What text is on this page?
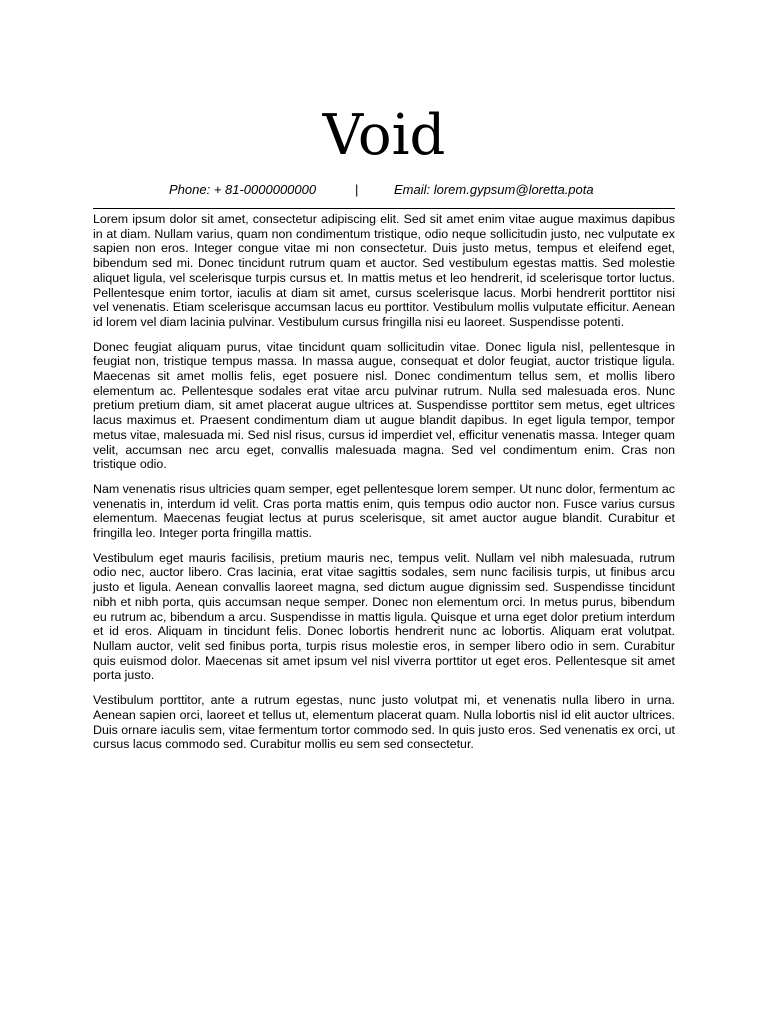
Void
Phone: + 81-0000000000	|	Email: lorem.gypsum@loretta.pota

Lorem ipsum dolor sit amet, consectetur adipiscing elit. Sed sit amet enim vitae augue maximus dapibus in at diam. Nullam varius, quam non condimentum tristique, odio neque sollicitudin justo, nec vulputate ex sapien non eros. Integer congue vitae mi non consectetur. Duis justo metus, tempus et eleifend eget, bibendum sed mi. Donec tincidunt rutrum quam et auctor. Sed vestibulum egestas mattis. Sed molestie aliquet ligula, vel scelerisque turpis cursus et. In mattis metus et leo hendrerit, id scelerisque tortor luctus. Pellentesque enim tortor, iaculis at diam sit amet, cursus scelerisque lacus. Morbi hendrerit porttitor nisi vel venenatis. Etiam scelerisque accumsan lacus eu porttitor. Vestibulum mollis vulputate efficitur. Aenean id lorem vel diam lacinia pulvinar. Vestibulum cursus fringilla nisi eu laoreet. Suspendisse potenti.

Donec feugiat aliquam purus, vitae tincidunt quam sollicitudin vitae. Donec ligula nisl, pellentesque in feugiat non, tristique tempus massa. In massa augue, consequat et dolor feugiat, auctor tristique ligula. Maecenas sit amet mollis felis, eget posuere nisl. Donec condimentum tellus sem, et mollis libero elementum ac. Pellentesque sodales erat vitae arcu pulvinar rutrum. Nulla sed malesuada eros. Nunc pretium pretium diam, sit amet placerat augue ultrices at. Suspendisse porttitor sem metus, eget ultrices lacus maximus et. Praesent condimentum diam ut augue blandit dapibus. In eget ligula tempor, tempor metus vitae, malesuada mi. Sed nisl risus, cursus id imperdiet vel, efficitur venenatis massa. Integer quam velit, accumsan nec arcu eget, convallis malesuada magna. Sed vel condimentum enim. Cras non tristique odio.

Nam venenatis risus ultricies quam semper, eget pellentesque lorem semper. Ut nunc dolor, fermentum ac venenatis in, interdum id velit. Cras porta mattis enim, quis tempus odio auctor non. Fusce varius cursus elementum. Maecenas feugiat lectus at purus scelerisque, sit amet auctor augue blandit. Curabitur et fringilla leo. Integer porta fringilla mattis.

Vestibulum eget mauris facilisis, pretium mauris nec, tempus velit. Nullam vel nibh malesuada, rutrum odio nec, auctor libero. Cras lacinia, erat vitae sagittis sodales, sem nunc facilisis turpis, ut finibus arcu justo et ligula. Aenean convallis laoreet magna, sed dictum augue dignissim sed. Suspendisse tincidunt nibh et nibh porta, quis accumsan neque semper. Donec non elementum orci. In metus purus, bibendum eu rutrum ac, bibendum a arcu. Suspendisse in mattis ligula. Quisque et urna eget dolor pretium interdum et id eros. Aliquam in tincidunt felis. Donec lobortis hendrerit nunc ac lobortis. Aliquam erat volutpat. Nullam auctor, velit sed finibus porta, turpis risus molestie eros, in semper libero odio in sem. Curabitur quis euismod dolor. Maecenas sit amet ipsum vel nisl viverra porttitor ut eget eros. Pellentesque sit amet porta justo.

Vestibulum porttitor, ante a rutrum egestas, nunc justo volutpat mi, et venenatis nulla libero in urna. Aenean sapien orci, laoreet et tellus ut, elementum placerat quam. Nulla lobortis nisl id elit auctor ultrices. Duis ornare iaculis sem, vitae fermentum tortor commodo sed. In quis justo eros. Sed venenatis ex orci, ut cursus lacus commodo sed. Curabitur mollis eu sem sed consectetur.
